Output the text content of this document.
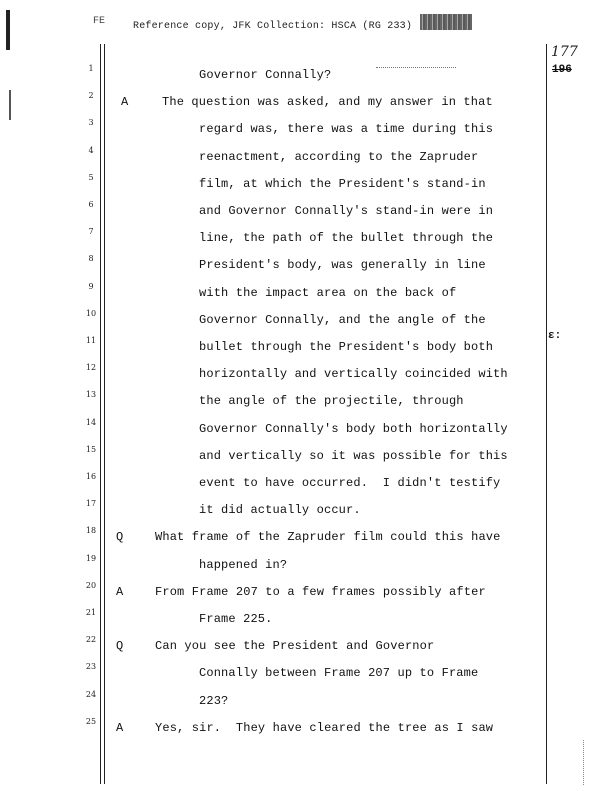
FE	Reference copy, JFK Collection: HSCA (RG 233)
177
196
ε:
1	Governor Connally?
2	A	The question was asked, and my answer in that
3	regard was, there was a time during this
4	reenactment, according to the Zapruder
5	film, at which the President's stand-in
6	and Governor Connally's stand-in were in
7	line, the path of the bullet through the
8	President's body, was generally in line
9	with the impact area on the back of
10	Governor Connally, and the angle of the
11	bullet through the President's body both
12	horizontally and vertically coincided with
13	the angle of the projectile, through
14	Governor Connally's body both horizontally
15	and vertically so it was possible for this
16	event to have occurred.  I didn't testify
17	it did actually occur.
18	Q	What frame of the Zapruder film could this have
19	happened in?
20	A	From Frame 207 to a few frames possibly after
21	Frame 225.
22	Q	Can you see the President and Governor
23	Connally between Frame 207 up to Frame
24	223?
25	A	Yes, sir.  They have cleared the tree as I saw
